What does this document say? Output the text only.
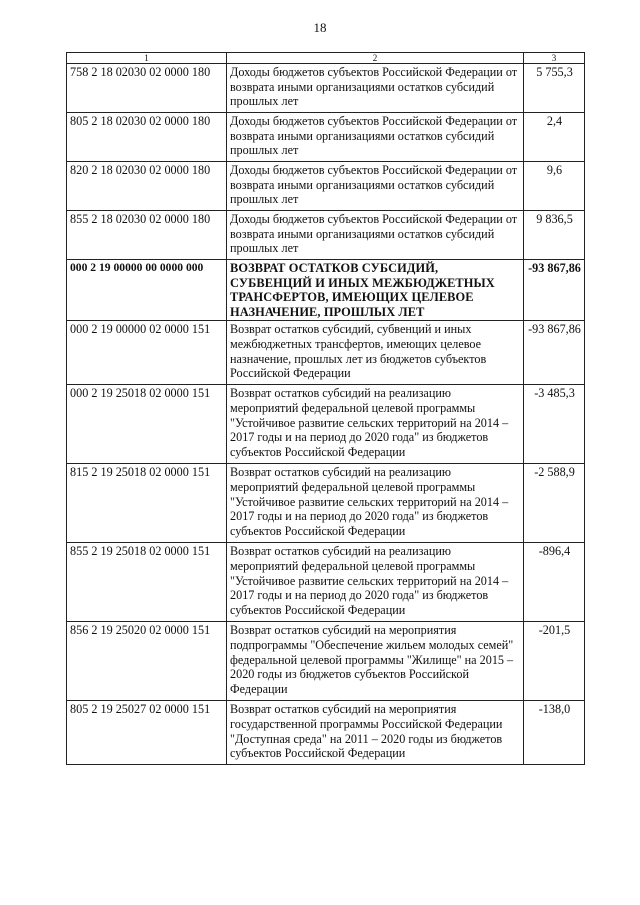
18
1	2	3
758 2 18 02030 02 0000 180	Доходы бюджетов субъектов Российской Федерации от возврата иными организациями остатков субсидий прошлых лет	5 755,3
805 2 18 02030 02 0000 180	Доходы бюджетов субъектов Российской Федерации от возврата иными организациями остатков субсидий прошлых лет	2,4
820 2 18 02030 02 0000 180	Доходы бюджетов субъектов Российской Федерации от возврата иными организациями остатков субсидий прошлых лет	9,6
855 2 18 02030 02 0000 180	Доходы бюджетов субъектов Российской Федерации от возврата иными организациями остатков субсидий прошлых лет	9 836,5
000 2 19 00000 00 0000 000	ВОЗВРАТ ОСТАТКОВ СУБСИДИЙ, СУБВЕНЦИЙ И ИНЫХ МЕЖБЮДЖЕТНЫХ ТРАНСФЕРТОВ, ИМЕЮЩИХ ЦЕЛЕВОЕ НАЗНАЧЕНИЕ, ПРОШЛЫХ ЛЕТ	-93 867,86
000 2 19 00000 02 0000 151	Возврат остатков субсидий, субвенций и иных межбюджетных трансфертов, имеющих целевое назначение, прошлых лет из бюджетов субъектов Российской Федерации	-93 867,86
000 2 19 25018 02 0000 151	Возврат остатков субсидий на реализацию мероприятий федеральной целевой программы "Устойчивое развитие сельских территорий на 2014 – 2017 годы и на период до 2020 года" из бюджетов субъектов Российской Федерации	-3 485,3
815 2 19 25018 02 0000 151	Возврат остатков субсидий на реализацию мероприятий федеральной целевой программы "Устойчивое развитие сельских территорий на 2014 – 2017 годы и на период до 2020 года" из бюджетов субъектов Российской Федерации	-2 588,9
855 2 19 25018 02 0000 151	Возврат остатков субсидий на реализацию мероприятий федеральной целевой программы "Устойчивое развитие сельских территорий на 2014 – 2017 годы и на период до 2020 года" из бюджетов субъектов Российской Федерации	-896,4
856 2 19 25020 02 0000 151	Возврат остатков субсидий на мероприятия подпрограммы "Обеспечение жильем молодых семей" федеральной целевой программы "Жилище" на 2015 – 2020 годы из бюджетов субъектов Российской Федерации	-201,5
805 2 19 25027 02 0000 151	Возврат остатков субсидий на мероприятия государственной программы Российской Федерации "Доступная среда" на 2011 – 2020 годы из бюджетов субъектов Российской Федерации	-138,0
